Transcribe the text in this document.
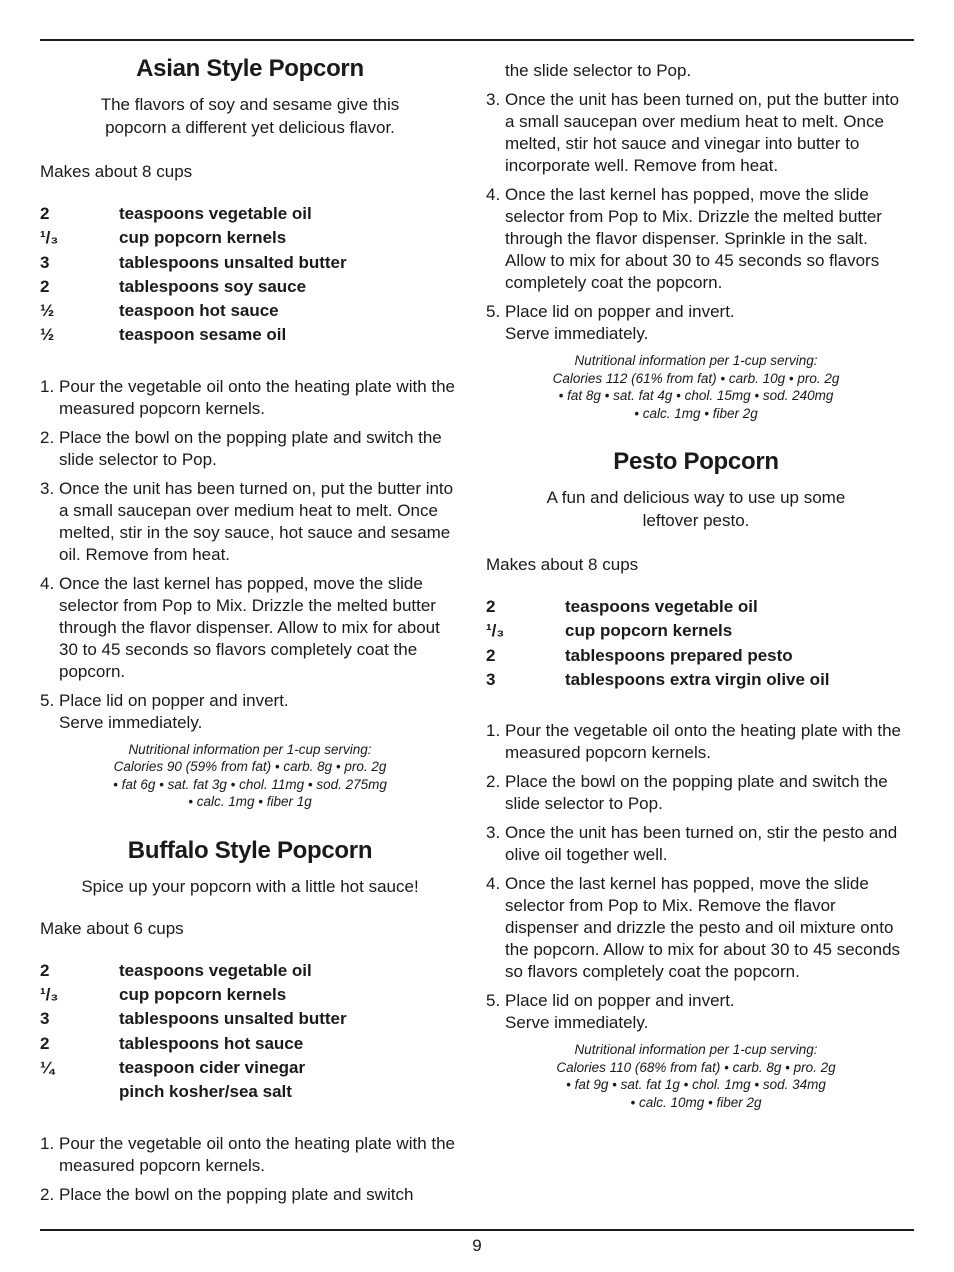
Asian Style Popcorn
The flavors of soy and sesame give this
popcorn a different yet delicious flavor.
Makes about 8 cups
2	teaspoons vegetable oil
¹/₃	cup popcorn kernels
3	tablespoons unsalted butter
2	tablespoons soy sauce
½	teaspoon hot sauce
½	teaspoon sesame oil
1. Pour the vegetable oil onto the heating plate with the measured popcorn kernels.
2. Place the bowl on the popping plate and switch the slide selector to Pop.
3. Once the unit has been turned on, put the butter into a small saucepan over medium heat to melt. Once melted, stir in the soy sauce, hot sauce and sesame oil. Remove from heat.
4. Once the last kernel has popped, move the slide selector from Pop to Mix. Drizzle the melted butter through the flavor dispenser. Allow to mix for about 30 to 45 seconds so flavors completely coat the popcorn.
5. Place lid on popper and invert.
Serve immediately.
Nutritional information per 1-cup serving:
Calories 90 (59% from fat) • carb. 8g • pro. 2g
• fat 6g • sat. fat 3g • chol. 11mg • sod. 275mg
• calc. 1mg • fiber 1g
Buffalo Style Popcorn
Spice up your popcorn with a little hot sauce!
Make about 6 cups
2	teaspoons vegetable oil
¹/₃	cup popcorn kernels
3	tablespoons unsalted butter
2	tablespoons hot sauce
¼	teaspoon cider vinegar
pinch kosher/sea salt
1. Pour the vegetable oil onto the heating plate with the measured popcorn kernels.
2. Place the bowl on the popping plate and switch
the slide selector to Pop.
3. Once the unit has been turned on, put the butter into a small saucepan over medium heat to melt. Once melted, stir hot sauce and vinegar into butter to incorporate well. Remove from heat.
4. Once the last kernel has popped, move the slide selector from Pop to Mix. Drizzle the melted butter through the flavor dispenser. Sprinkle in the salt. Allow to mix for about 30 to 45 seconds so flavors completely coat the popcorn.
5. Place lid on popper and invert.
Serve immediately.
Nutritional information per 1-cup serving:
Calories 112 (61% from fat) • carb. 10g • pro. 2g
• fat 8g • sat. fat 4g • chol. 15mg • sod. 240mg
• calc. 1mg • fiber 2g
Pesto Popcorn
A fun and delicious way to use up some
leftover pesto.
Makes about 8 cups
2	teaspoons vegetable oil
¹/₃	cup popcorn kernels
2	tablespoons prepared pesto
3	tablespoons extra virgin olive oil
1. Pour the vegetable oil onto the heating plate with the measured popcorn kernels.
2. Place the bowl on the popping plate and switch the slide selector to Pop.
3. Once the unit has been turned on, stir the pesto and olive oil together well.
4. Once the last kernel has popped, move the slide selector from Pop to Mix. Remove the flavor dispenser and drizzle the pesto and oil mixture onto the popcorn. Allow to mix for about 30 to 45 seconds so flavors completely coat the popcorn.
5. Place lid on popper and invert.
Serve immediately.
Nutritional information per 1-cup serving:
Calories 110 (68% from fat) • carb. 8g • pro. 2g
• fat 9g • sat. fat 1g • chol. 1mg • sod. 34mg
• calc. 10mg • fiber 2g
9
